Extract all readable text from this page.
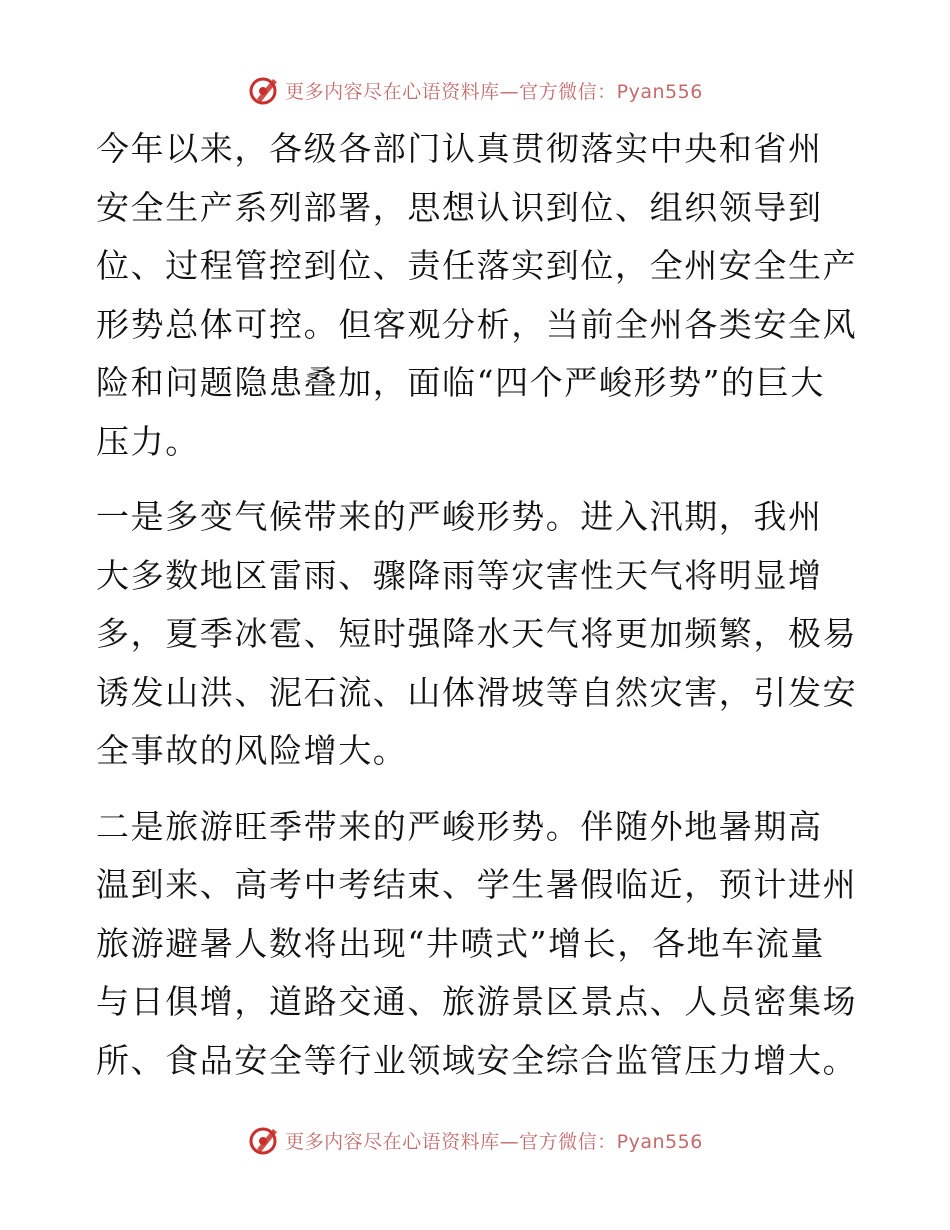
更多内容尽在心语资料库—官方微信：Pyan556
今年以来，各级各部门认真贯彻落实中央和省州
安全生产系列部署，思想认识到位、组织领导到
位、过程管控到位、责任落实到位，全州安全生产
形势总体可控。但客观分析，当前全州各类安全风
险和问题隐患叠加，面临“四个严峻形势”的巨大
压力。
一是多变气候带来的严峻形势。进入汛期，我州
大多数地区雷雨、骤降雨等灾害性天气将明显增
多，夏季冰雹、短时强降水天气将更加频繁，极易
诱发山洪、泥石流、山体滑坡等自然灾害，引发安
全事故的风险增大。
二是旅游旺季带来的严峻形势。伴随外地暑期高
温到来、高考中考结束、学生暑假临近，预计进州
旅游避暑人数将出现“井喷式”增长，各地车流量
与日俱增，道路交通、旅游景区景点、人员密集场
所、食品安全等行业领域安全综合监管压力增大。
更多内容尽在心语资料库—官方微信：Pyan556
